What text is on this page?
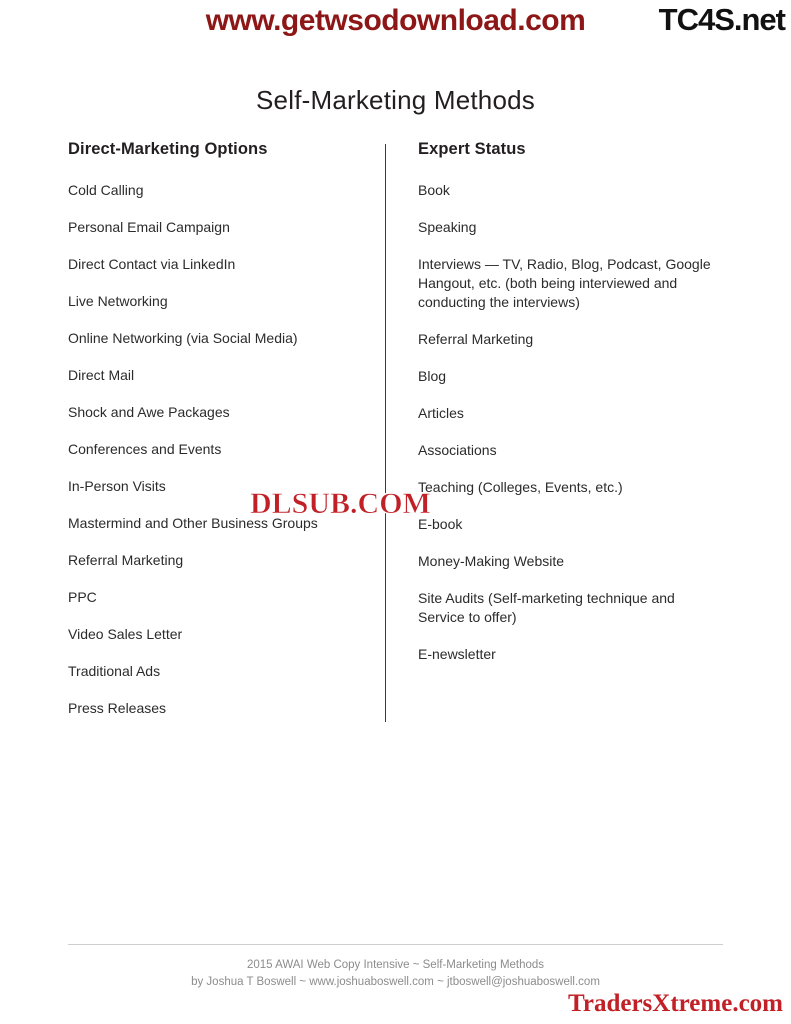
www.getwsodownload.com	TC4S.net
Self-Marketing Methods
Direct-Marketing Options
Cold Calling
Personal Email Campaign
Direct Contact via LinkedIn
Live Networking
Online Networking (via Social Media)
Direct Mail
Shock and Awe Packages
Conferences and Events
In-Person Visits
Mastermind and Other Business Groups
Referral Marketing
PPC
Video Sales Letter
Traditional Ads
Press Releases
Expert Status
Book
Speaking
Interviews — TV, Radio, Blog, Podcast, Google Hangout, etc. (both being interviewed and conducting the interviews)
Referral Marketing
Blog
Articles
Associations
Teaching (Colleges, Events, etc.)
E-book
Money-Making Website
Site Audits (Self-marketing technique and Service to offer)
E-newsletter
DLSUB.COM
2015 AWAI Web Copy Intensive ~ Self-Marketing Methods
by Joshua T Boswell ~ www.joshuaboswell.com ~ jtboswell@joshuaboswell.com
TradersXtreme.com
